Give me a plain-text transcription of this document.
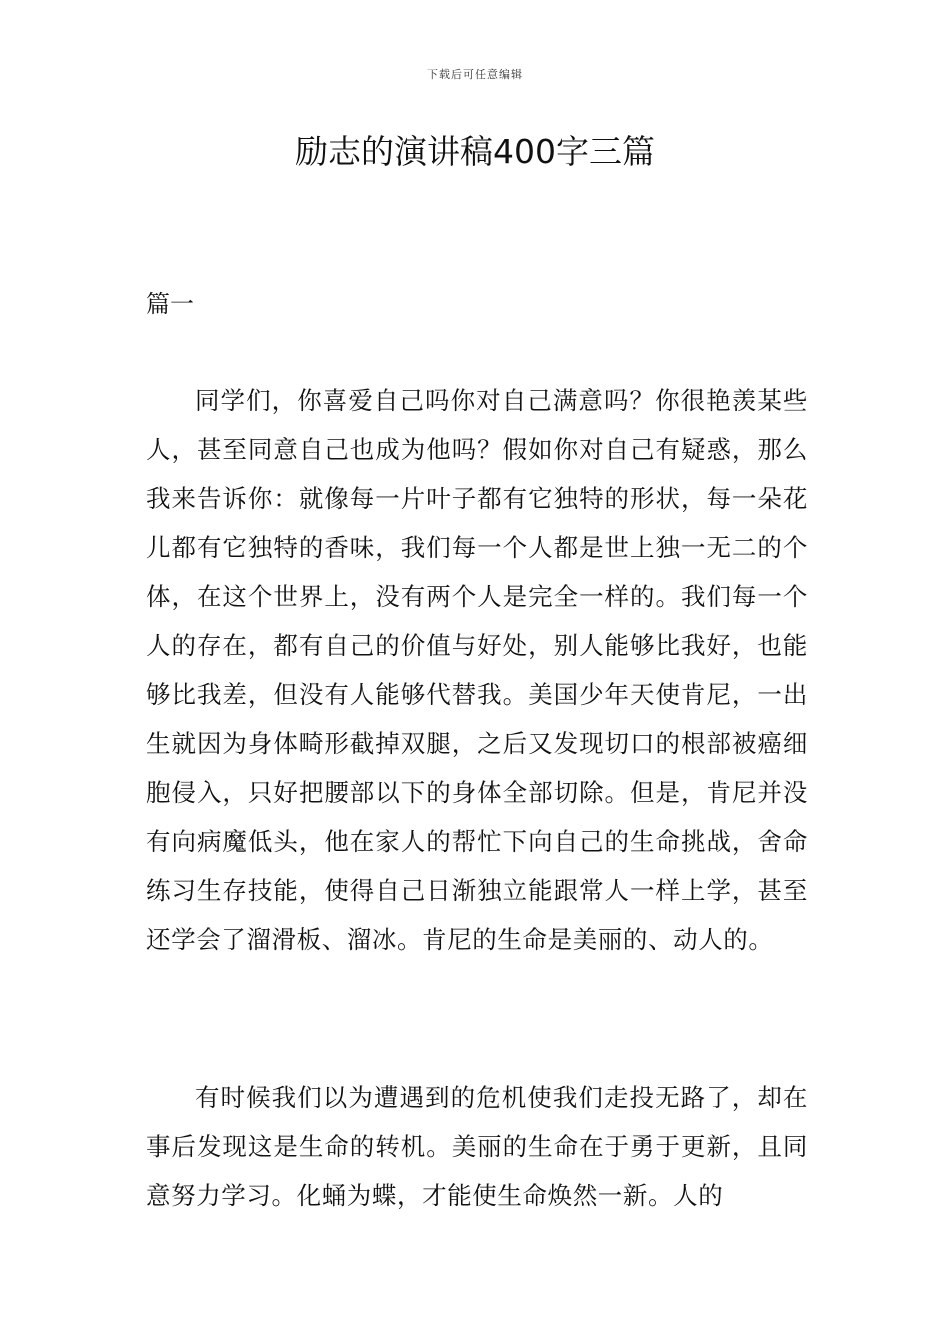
下载后可任意编辑
励志的演讲稿400字三篇
篇一

同学们，你喜爱自己吗你对自己满意吗？你很艳羡某些人，甚至同意自己也成为他吗？假如你对自己有疑惑，那么我来告诉你：就像每一片叶子都有它独特的形状，每一朵花儿都有它独特的香味，我们每一个人都是世上独一无二的个体，在这个世界上，没有两个人是完全一样的。我们每一个人的存在，都有自己的价值与好处，别人能够比我好，也能够比我差，但没有人能够代替我。美国少年天使肯尼，一出生就因为身体畸形截掉双腿，之后又发现切口的根部被癌细胞侵入，只好把腰部以下的身体全部切除。但是，肯尼并没有向病魔低头，他在家人的帮忙下向自己的生命挑战，舍命练习生存技能，使得自己日渐独立能跟常人一样上学，甚至还学会了溜滑板、溜冰。肯尼的生命是美丽的、动人的。

有时候我们以为遭遇到的危机使我们走投无路了，却在事后发现这是生命的转机。美丽的生命在于勇于更新，且同意努力学习。化蛹为蝶，才能使生命焕然一新。人的
